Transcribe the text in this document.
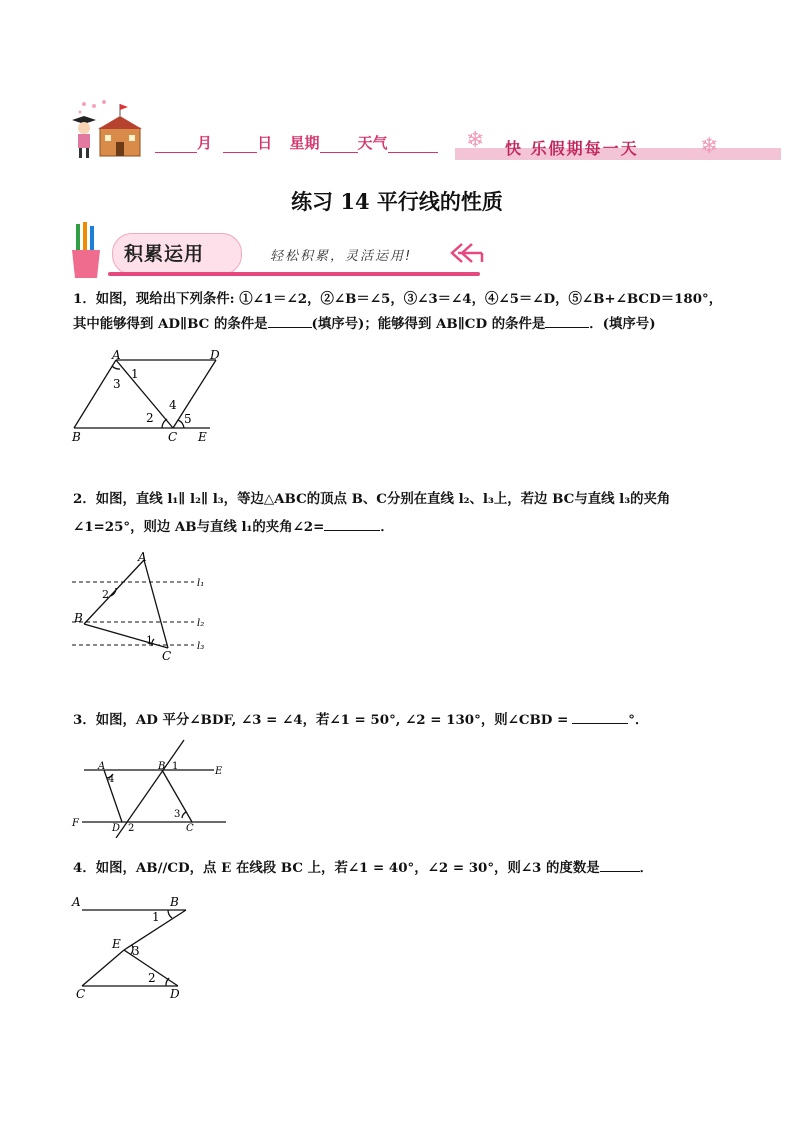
月	日 星期	天气	❄ 快 乐假期每一天	❄
练习 14 平行线的性质
积累运用	轻松积累，灵活运用!
1．如图，现给出下列条件: ①∠1＝∠2，②∠B＝∠5，③∠3＝∠4，④∠5＝∠D，⑤∠B+∠BCD＝180°，
其中能够得到 AD∥BC 的条件是	(填序号)；能够得到 AB∥CD 的条件是	．(填序号)
A	D
B	C E
1
2
3
4
5
2．如图，直线 l₁∥ l₂∥ l₃，等边△ABC的顶点 B、C分别在直线 l₂、l₃上，若边 BC与直线 l₃的夹角
∠1=25°，则边 AB与直线 l₁的夹角∠2=	．
A
B
C
l₁
l₂
l₃
2
1
3．如图，AD 平分∠BDF, ∠3 = ∠4，若∠1 = 50°, ∠2 = 130°，则∠CBD =	°．
A	B	E
F	D	C
1
2
3
4
4．如图，AB//CD，点 E 在线段 BC 上，若∠1 = 40°，∠2 = 30°，则∠3 的度数是	．
A	B
E
C	D
1
2
3
